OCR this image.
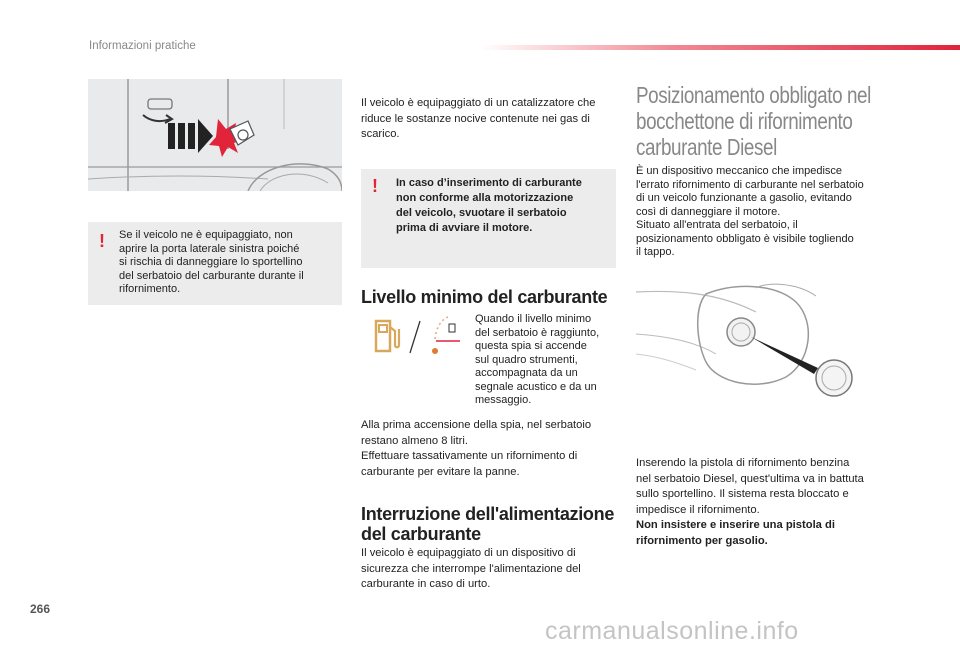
Informazioni pratiche
! Se il veicolo ne è equipaggiato, non
aprire la porta laterale sinistra poiché
si rischia di danneggiare lo sportellino
del serbatoio del carburante durante il
rifornimento.
Il veicolo è equipaggiato di un catalizzatore che
riduce le sostanze nocive contenute nei gas di
scarico.
! In caso d’inserimento di carburante
non conforme alla motorizzazione
del veicolo, svuotare il serbatoio
prima di avviare il motore.
Livello minimo del carburante
Quando il livello minimo
del serbatoio è raggiunto,
questa spia si accende
sul quadro strumenti,
accompagnata da un
segnale acustico e da un
messaggio.
Alla prima accensione della spia, nel serbatoio
restano almeno 8 litri.
Effettuare tassativamente un rifornimento di
carburante per evitare la panne.
Interruzione dell'alimentazione
del carburante
Il veicolo è equipaggiato di un dispositivo di
sicurezza che interrompe l'alimentazione del
carburante in caso di urto.
Posizionamento obbligato nel
bocchettone di rifornimento
carburante Diesel
È un dispositivo meccanico che impedisce
l'errato rifornimento di carburante nel serbatoio
di un veicolo funzionante a gasolio, evitando
così di danneggiare il motore.
Situato all'entrata del serbatoio, il
posizionamento obbligato è visibile togliendo
il tappo.
Inserendo la pistola di rifornimento benzina
nel serbatoio Diesel, quest'ultima va in battuta
sullo sportellino. Il sistema resta bloccato e
impedisce il rifornimento.
Non insistere e inserire una pistola di
rifornimento per gasolio.
266
carmanualsonline.info
